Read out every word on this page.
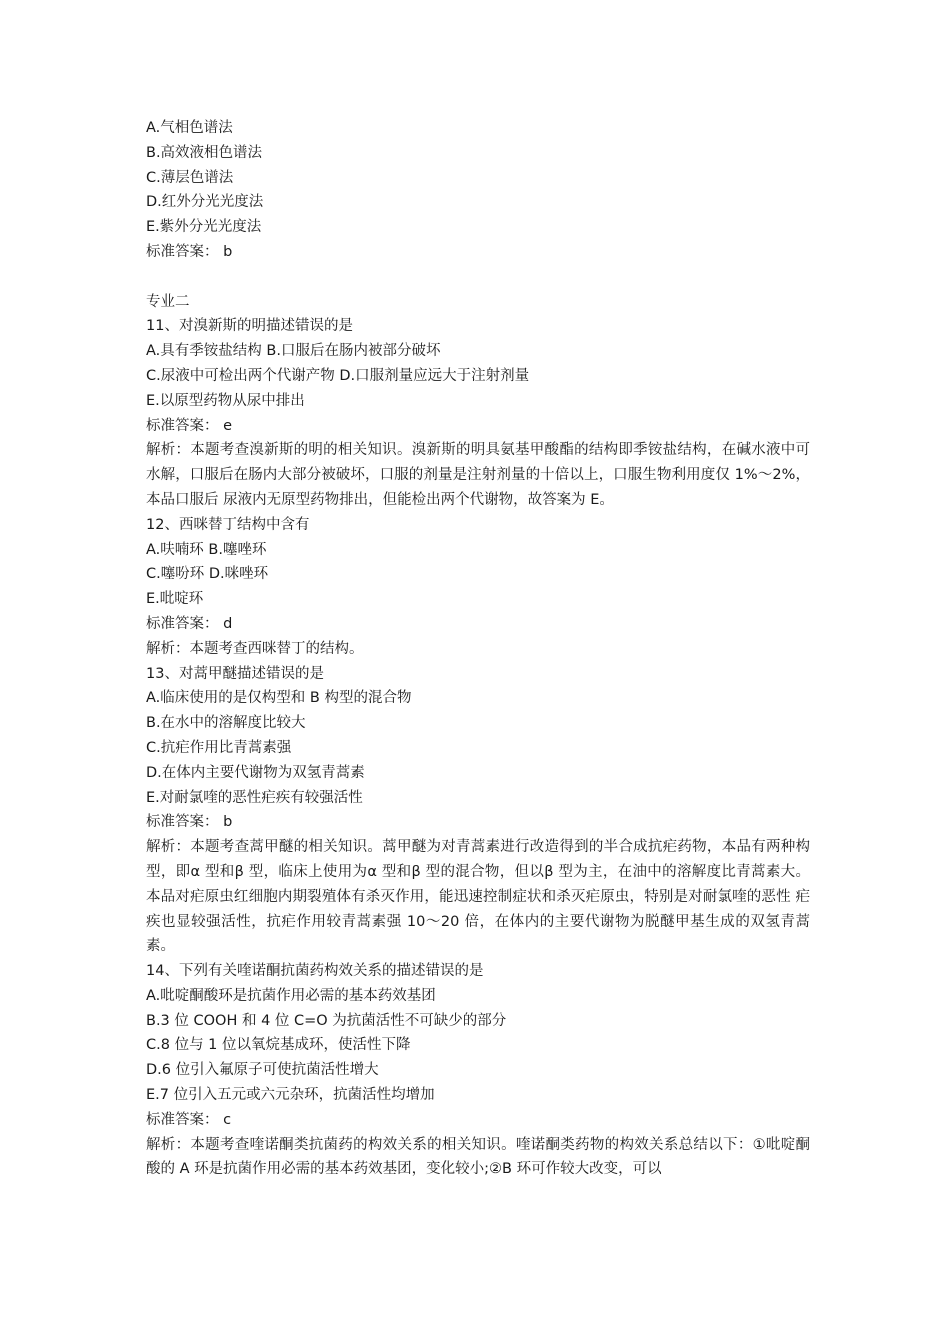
A.气相色谱法
B.高效液相色谱法
C.薄层色谱法
D.红外分光光度法
E.紫外分光光度法
标准答案： b
专业二
11、对溴新斯的明描述错误的是
A.具有季铵盐结构 B.口服后在肠内被部分破坏
C.尿液中可检出两个代谢产物 D.口服剂量应远大于注射剂量
E.以原型药物从尿中排出
标准答案： e
解析：本题考查溴新斯的明的相关知识。溴新斯的明具氨基甲酸酯的结构即季铵盐结构，在碱水液中可水解，口服后在肠内大部分被破坏，口服的剂量是注射剂量的十倍以上，口服生物利用度仅 1%～2%，本品口服后 尿液内无原型药物排出，但能检出两个代谢物，故答案为 E。
12、西咪替丁结构中含有
A.呋喃环 B.噻唑环
C.噻吩环 D.咪唑环
E.吡啶环
标准答案： d
解析：本题考查西咪替丁的结构。
13、对蒿甲醚描述错误的是
A.临床使用的是仅构型和 B 构型的混合物
B.在水中的溶解度比较大
C.抗疟作用比青蒿素强
D.在体内主要代谢物为双氢青蒿素
E.对耐氯喹的恶性疟疾有较强活性
标准答案： b
解析：本题考查蒿甲醚的相关知识。蒿甲醚为对青蒿素进行改造得到的半合成抗疟药物，本品有两种构型，即α 型和β 型，临床上使用为α 型和β 型的混合物，但以β 型为主，在油中的溶解度比青蒿素大。本品对疟原虫红细胞内期裂殖体有杀灭作用，能迅速控制症状和杀灭疟原虫，特别是对耐氯喹的恶性 疟疾也显较强活性，抗疟作用较青蒿素强 10～20 倍，在体内的主要代谢物为脱醚甲基生成的双氢青蒿素。
14、下列有关喹诺酮抗菌药构效关系的描述错误的是
A.吡啶酮酸环是抗菌作用必需的基本药效基团
B.3 位 COOH 和 4 位 C=O 为抗菌活性不可缺少的部分
C.8 位与 1 位以氧烷基成环，使活性下降
D.6 位引入氟原子可使抗菌活性增大
E.7 位引入五元或六元杂环，抗菌活性均增加
标准答案： c
解析：本题考查喹诺酮类抗菌药的构效关系的相关知识。喹诺酮类药物的构效关系总结以下：①吡啶酮酸的 A 环是抗菌作用必需的基本药效基团，变化较小;②B 环可作较大改变，可以
